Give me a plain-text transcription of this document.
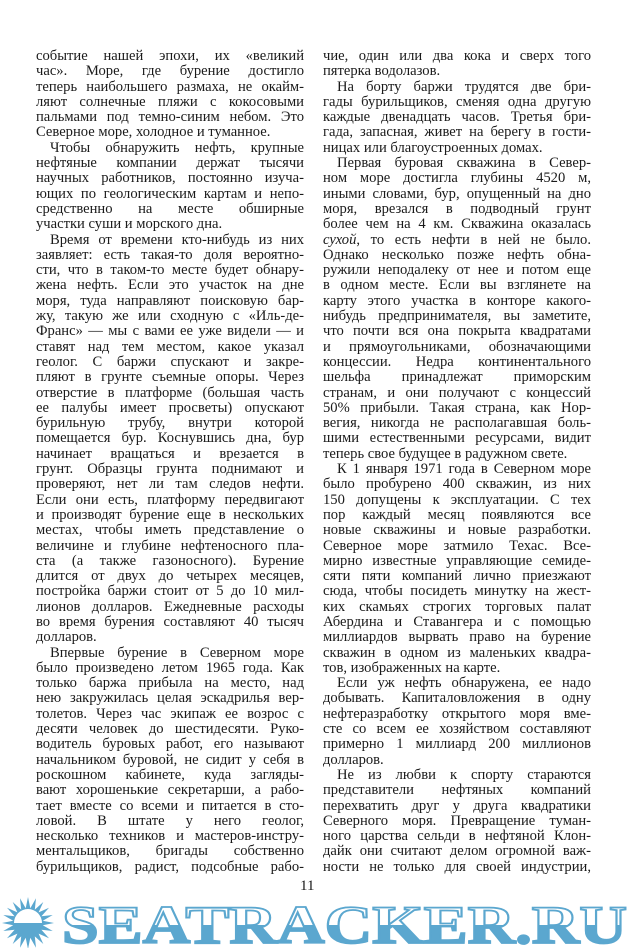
событие нашей эпохи, их «великий
час». Море, где бурение достигло
теперь наибольшего размаха, не окайм-
ляют солнечные пляжи с кокосовыми
пальмами под темно-синим небом. Это
Северное море, холодное и туманное.
Чтобы обнаружить нефть, крупные
нефтяные компании держат тысячи
научных работников, постоянно изуча-
ющих по геологическим картам и непо-
средственно на месте обширные
участки суши и морского дна.
Время от времени кто-нибудь из них
заявляет: есть такая-то доля вероятно-
сти, что в таком-то месте будет обнару-
жена нефть. Если это участок на дне
моря, туда направляют поисковую бар-
жу, такую же или сходную с «Иль-де-
Франс» — мы с вами ее уже видели — и
ставят над тем местом, какое указал
геолог. С баржи спускают и закре-
пляют в грунте съемные опоры. Через
отверстие в платформе (большая часть
ее палубы имеет просветы) опускают
бурильную трубу, внутри которой
помещается бур. Коснувшись дна, бур
начинает вращаться и врезается в
грунт. Образцы грунта поднимают и
проверяют, нет ли там следов нефти.
Если они есть, платформу передвигают
и производят бурение еще в нескольких
местах, чтобы иметь представление о
величине и глубине нефтеносного пла-
ста (а также газоносного). Бурение
длится от двух до четырех месяцев,
постройка баржи стоит от 5 до 10 мил-
лионов долларов. Ежедневные расходы
во время бурения составляют 40 тысяч
долларов.
Впервые бурение в Северном море
было произведено летом 1965 года. Как
только баржа прибыла на место, над
нею закружилась целая эскадрилья вер-
толетов. Через час экипаж ее возрос с
десяти человек до шестидесяти. Руко-
водитель буровых работ, его называют
начальником буровой, не сидит у себя в
роскошном кабинете, куда загляды-
вают хорошенькие секретарши, а рабо-
тает вместе со всеми и питается в сто-
ловой. В штате у него геолог,
несколько техников и мастеров-инстру-
ментальщиков, бригады собственно
бурильщиков, радист, подсобные рабо-
чие, один или два кока и сверх того
пятерка водолазов.
На борту баржи трудятся две бри-
гады бурильщиков, сменяя одна другую
каждые двенадцать часов. Третья бри-
гада, запасная, живет на берегу в гости-
ницах или благоустроенных домах.
Первая буровая скважина в Север-
ном море достигла глубины 4520 м,
иными словами, бур, опущенный на дно
моря, врезался в подводный грунт
более чем на 4 км. Скважина оказалась
сухой, то есть нефти в ней не было.
Однако несколько позже нефть обна-
ружили неподалеку от нее и потом еще
в одном месте. Если вы взглянете на
карту этого участка в конторе какого-
нибудь предпринимателя, вы заметите,
что почти вся она покрыта квадратами
и прямоугольниками, обозначающими
концессии. Недра континентального
шельфа принадлежат приморским
странам, и они получают с концессий
50% прибыли. Такая страна, как Нор-
вегия, никогда не располагавшая боль-
шими естественными ресурсами, видит
теперь свое будущее в радужном свете.
К 1 января 1971 года в Северном море
было пробурено 400 скважин, из них
150 допущены к эксплуатации. С тех
пор каждый месяц появляются все
новые скважины и новые разработки.
Северное море затмило Техас. Все-
мирно известные управляющие семиде-
сяти пяти компаний лично приезжают
сюда, чтобы посидеть минутку на жест-
ких скамьях строгих торговых палат
Абердина и Ставангера и с помощью
миллиардов вырвать право на бурение
скважин в одном из маленьких квадра-
тов, изображенных на карте.
Если уж нефть обнаружена, ее надо
добывать. Капиталовложения в одну
нефтеразработку открытого моря вме-
сте со всем ее хозяйством составляют
примерно 1 миллиард 200 миллионов
долларов.
Не из любви к спорту стараются
представители нефтяных компаний
перехватить друг у друга квадратики
Северного моря. Превращение туман-
ного царства сельди в нефтяной Клон-
дайк они считают делом огромной важ-
ности не только для своей индустрии,
11
SEATRACKER.RU
